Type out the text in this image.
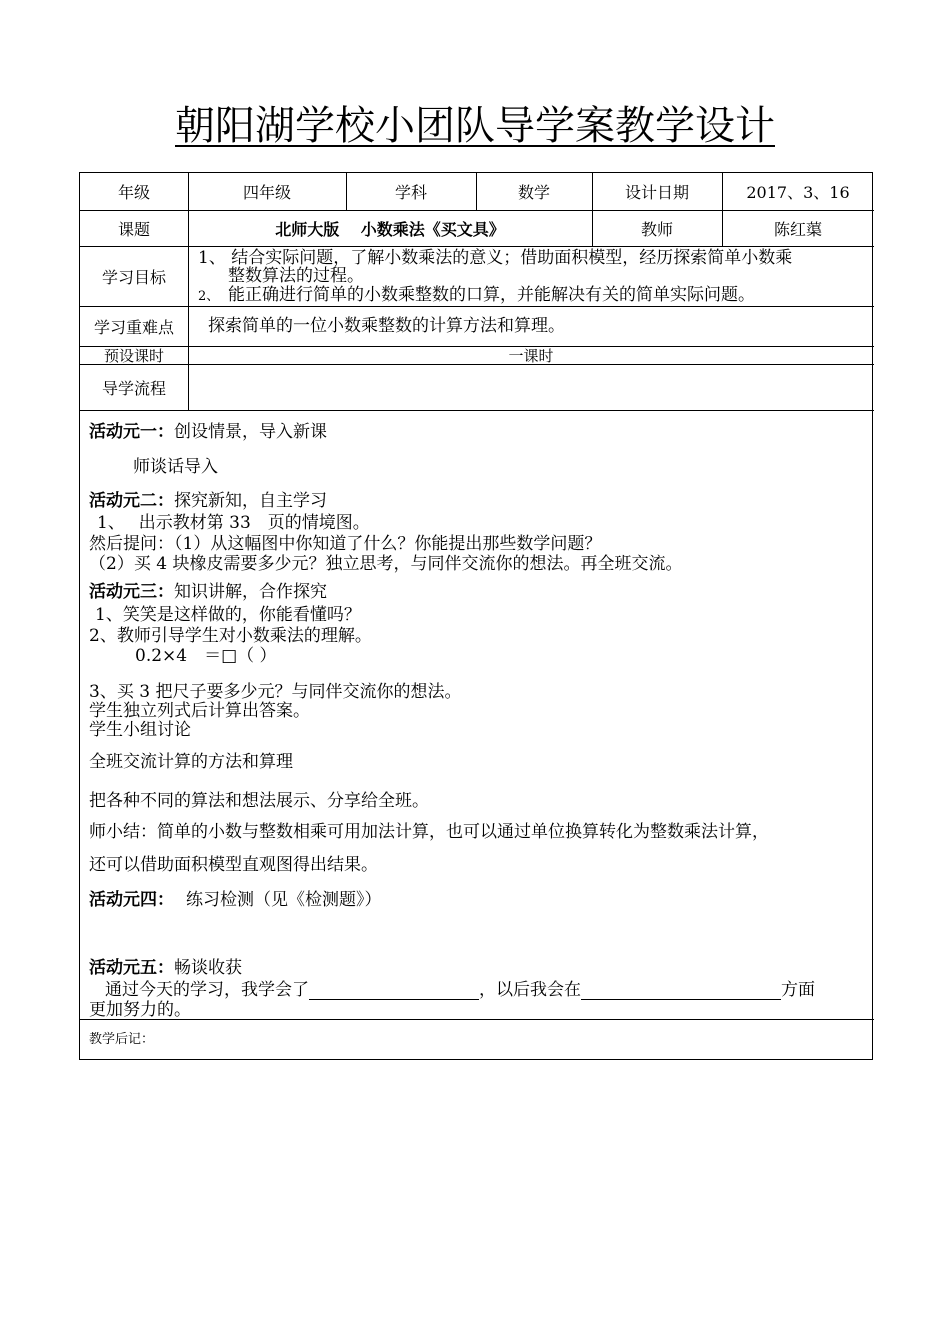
朝阳湖学校小团队导学案教学设计
年级	四年级	学科	数学	设计日期	2017、3、16
课题	北师大版　 小数乘法《买文具》	教师	陈红蕖
学习目标
1、 结合实际问题，了解小数乘法的意义；借助面积模型，经历探索简单小数乘
整数算法的过程。
2、 能正确进行简单的小数乘整数的口算，并能解决有关的简单实际问题。
学习重难点	探索简单的一位小数乘整数的计算方法和算理。
预设课时	一课时
导学流程
活动元一：创设情景，导入新课
师谈话导入
活动元二：探究新知，自主学习
1、　 出示教材第 33　页的情境图。
然后提问：（1）从这幅图中你知道了什么？你能提出那些数学问题？
（2）买 4 块橡皮需要多少元？独立思考，与同伴交流你的想法。再全班交流。
活动元三：知识讲解，合作探究
1、笑笑是这样做的，你能看懂吗？
2、教师引导学生对小数乘法的理解。
0.2×4　＝□（ ）
3、买 3 把尺子要多少元？与同伴交流你的想法。
学生独立列式后计算出答案。
学生小组讨论
全班交流计算的方法和算理
把各种不同的算法和想法展示、分享给全班。
师小结：简单的小数与整数相乘可用加法计算，也可以通过单位换算转化为整数乘法计算，
还可以借助面积模型直观图得出结果。
活动元四： 练习检测（见《检测题》）
活动元五：畅谈收获
通过今天的学习，我学会了	，以后我会在	方面
更加努力的。
教学后记：
